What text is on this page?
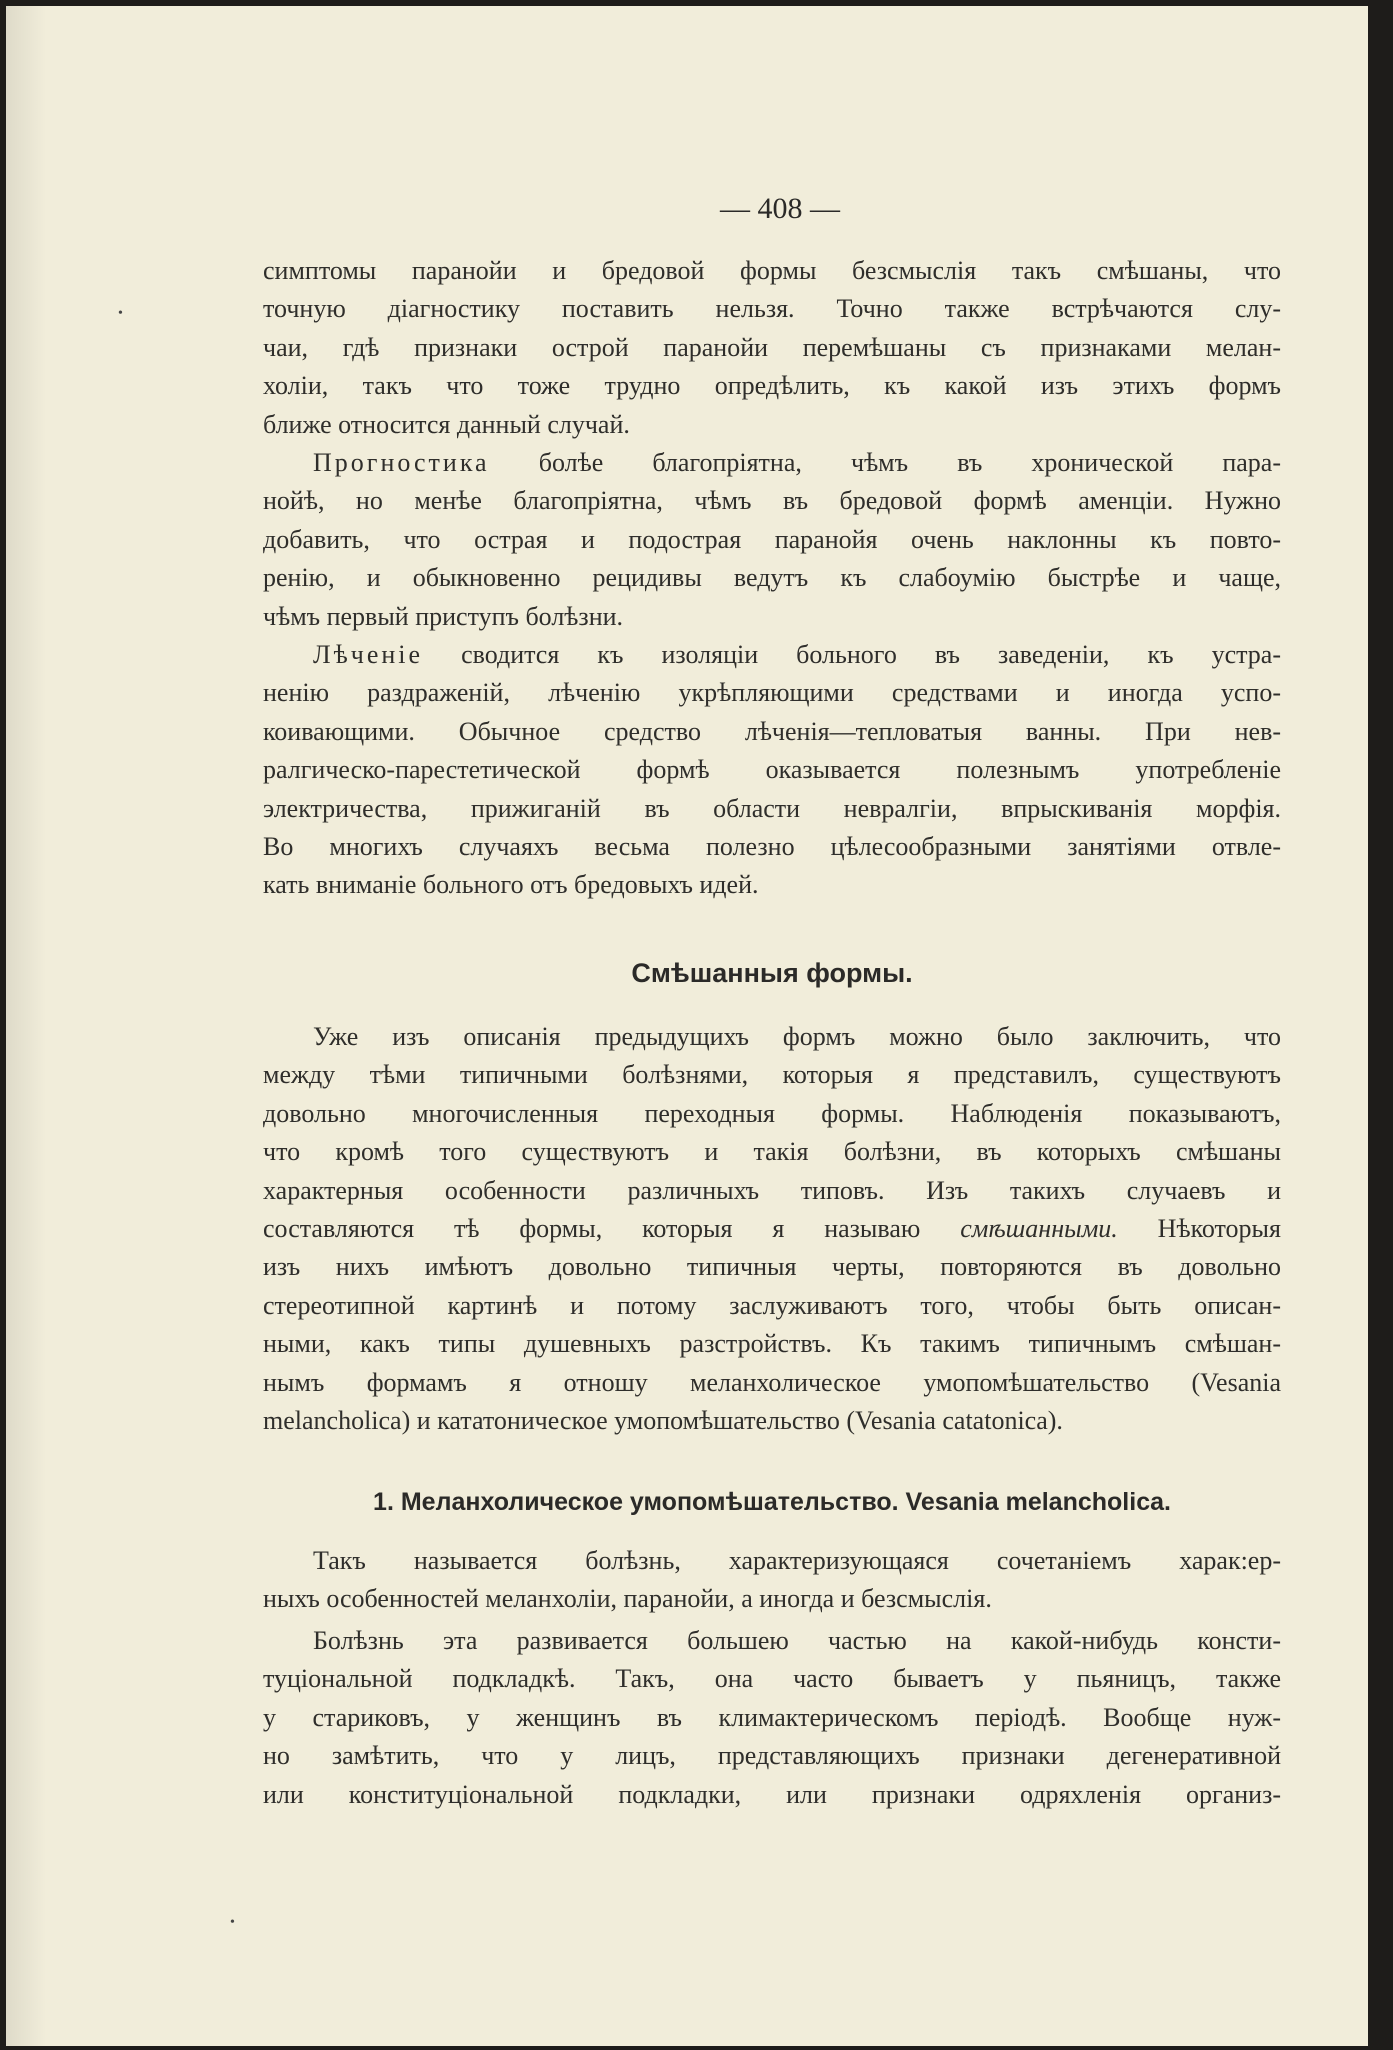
•
•
— 408 —
симптомы паранойи и бредовой формы безсмыслія такъ смѣшаны, что
точную діагностику поставить нельзя. Точно также встрѣчаются слу-
чаи, гдѣ признаки острой паранойи перемѣшаны съ признаками мелан-
холіи, такъ что тоже трудно опредѣлить, къ какой изъ этихъ формъ
ближе относится данный случай.
Прогностика болѣе благопріятна, чѣмъ въ хронической пара-
нойѣ, но менѣе благопріятна, чѣмъ въ бредовой формѣ аменціи. Нужно
добавить, что острая и подострая паранойя очень наклонны къ повто-
ренію, и обыкновенно рецидивы ведутъ къ слабоумію быстрѣе и чаще,
чѣмъ первый приступъ болѣзни.
Лѣченіе сводится къ изоляціи больного въ заведеніи, къ устра-
ненію раздраженій, лѣченію укрѣпляющими средствами и иногда успо-
коивающими. Обычное средство лѣченія—тепловатыя ванны. При нев-
ралгическо-парестетической формѣ оказывается полезнымъ употребленіе
электричества, прижиганій въ области невралгіи, впрыскиванія морфія.
Во многихъ случаяхъ весьма полезно цѣлесообразными занятіями отвле-
кать вниманіе больного отъ бредовыхъ идей.
Смѣшанныя формы.
Уже изъ описанія предыдущихъ формъ можно было заключить, что
между тѣми типичными болѣзнями, которыя я представилъ, существуютъ
довольно многочисленныя переходныя формы. Наблюденія показываютъ,
что кромѣ того существуютъ и такія болѣзни, въ которыхъ смѣшаны
характерныя особенности различныхъ типовъ. Изъ такихъ случаевъ и
составляются тѣ формы, которыя я называю смѣшанными. Нѣкоторыя
изъ нихъ имѣютъ довольно типичныя черты, повторяются въ довольно
стереотипной картинѣ и потому заслуживаютъ того, чтобы быть описан-
ными, какъ типы душевныхъ разстройствъ. Къ такимъ типичнымъ смѣшан-
нымъ формамъ я отношу меланхолическое умопомѣшательство (Vesania
melancholica) и кататоническое умопомѣшательство (Vesania catatonica).
1. Меланхолическое умопомѣшательство. Vesania melancholica.
Такъ называется болѣзнь, характеризующаяся сочетаніемъ харак:ер-
ныхъ особенностей меланхоліи, паранойи, а иногда и безсмыслія.
Болѣзнь эта развивается большею частью на какой-нибудь консти-
туціональной подкладкѣ. Такъ, она часто бываетъ у пьяницъ, также
у стариковъ, у женщинъ въ климактерическомъ періодѣ. Вообще нуж-
но замѣтить, что у лицъ, представляющихъ признаки дегенеративной
или конституціональной подкладки, или признаки одряхленія организ-
